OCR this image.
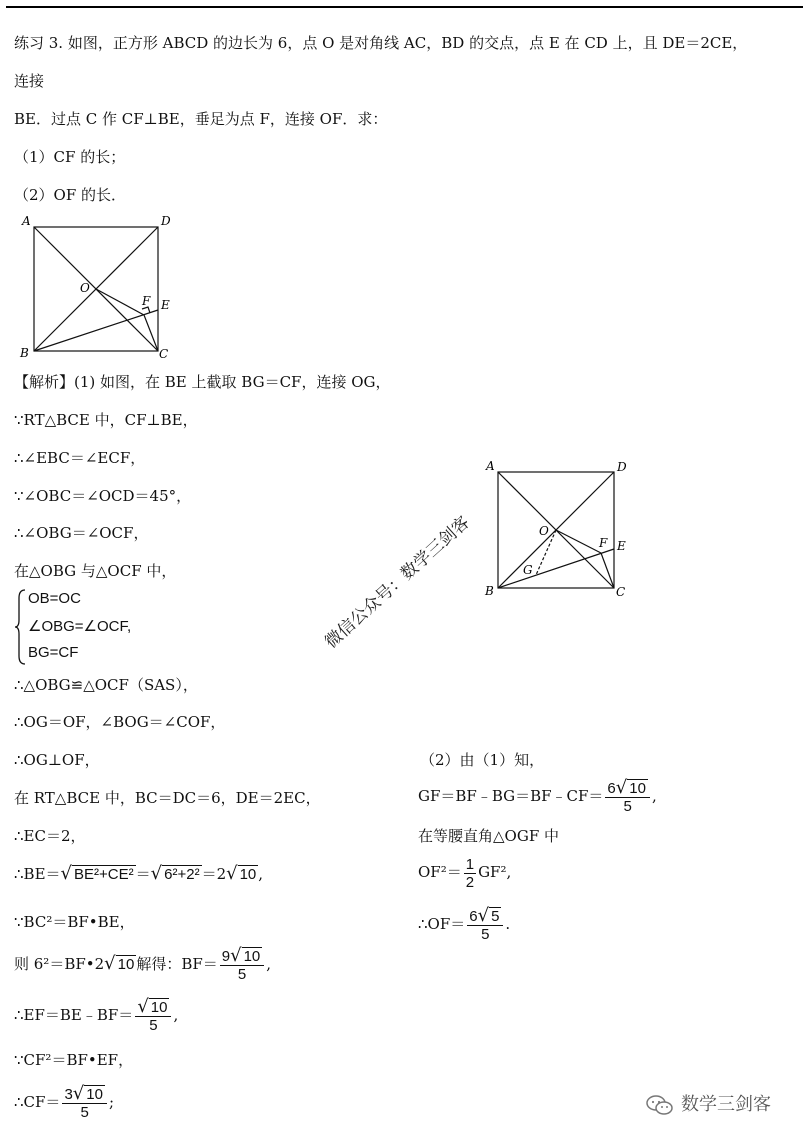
练习 3. 如图，正方形 ABCD 的边长为 6，点 O 是对角线 AC，BD 的交点，点 E 在 CD 上，且 DE＝2CE，
连接
BE．过点 C 作 CF⊥BE，垂足为点 F，连接 OF．求：
（1）CF 的长；
（2）OF 的长．
A	D
O
F E
B	C
【解析】(1) 如图，在 BE 上截取 BG＝CF，连接 OG，
∵RT△BCE 中，CF⊥BE，
∴∠EBC＝∠ECF，
∵∠OBC＝∠OCD＝45°，
∴∠OBG＝∠OCF，
在△OBG 与△OCF 中，
OB=OC
∠OBG=∠OCF,
BG=CF
∴△OBG≌△OCF（SAS），
∴OG＝OF，∠BOG＝∠COF，
∴OG⊥OF，
在 RT△BCE 中，BC＝DC＝6，DE＝2EC，
∴EC＝2，
∴BE＝√ BE²+CE² ＝√ 6²+2² ＝2√ 10 ,
∵BC²＝BF•BE，
则 6²＝BF•2√ 10 解得：$BF= \frac{9√ 10}{5}$ ,
∴EF＝BE﹣BF＝ $\frac{√ 10}{5}$ ,
∵CF²＝BF•EF，
∴CF＝ $\frac{3√ 10}{5}$ ;
A	D
O
F E
G
B	C
微信公众号：数学三剑客
（2）由（1）知，
GF＝BF﹣BG＝BF﹣CF＝ $\frac{6√ 10}{5}$ ,
在等腰直角△OGF 中
$OF^2= \frac{1}{2} GF^2$,
∴OF＝ $\frac{6√ 5}{5}$ .
数学三剑客
